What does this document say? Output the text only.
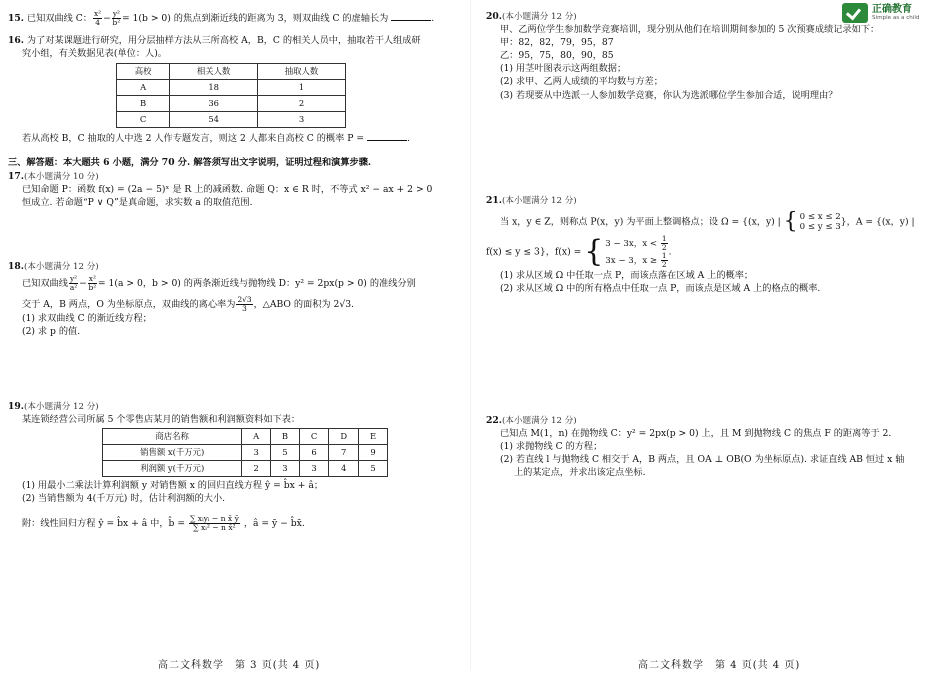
正确教育
Simple as a child
15. 已知双曲线 C： $\frac{\text{x²}}{4} - \frac{\text{y²}}{\text{b²}} = 1(b > 0)$ 的焦点到渐近线的距离为 3，则双曲线 C 的虚轴长为	.
16. 为了对某课题进行研究，用分层抽样方法从三所高校 A，B，C 的相关人员中，抽取若干人组成研
究小组，有关数据见表(单位：人)。
高校	相关人数	抽取人数
A	18	1
B	36	2
C	54	3
若从高校 B，C 抽取的人中选 2 人作专题发言，则这 2 人都来自高校 C 的概率 P =	.
三、解答题：本大题共 6 小题，满分 70 分. 解答须写出文字说明，证明过程和演算步骤.
17.(本小题满分 10 分)
已知命题 P：函数 f(x) = (2a − 5)ˣ 是 R 上的减函数. 命题 Q：x ∈ R 时，不等式 x² − ax + 2 > 0
恒成立. 若命题“P ∨ Q”是真命题，求实数 a 的取值范围.
18.(本小题满分 12 分)
已知双曲线 $\frac{\text{y²}}{\text{a²}} - \frac{\text{x²}}{\text{b²}} = 1(a > 0$，b > 0) 的两条渐近线与抛物线 D：y² = 2px(p > 0) 的准线分别
交于 A，B 两点，O 为坐标原点，双曲线的离心率为 $\frac{2√3}{3}$ ，△ABO 的面积为 2√3.
(1) 求双曲线 C 的渐近线方程；
(2) 求 p 的值.
19.(本小题满分 12 分)
某连锁经营公司所属 5 个零售店某月的销售额和利润额资料如下表：
商店名称	A	B	C	D	E
销售额 x(千万元)	3	5	6	7	9
利润额 y(千万元)	2	3	3	4	5
(1) 用最小二乘法计算利润额 y 对销售额 x 的回归直线方程 ŷ = b̂x + â；
(2) 当销售额为 4(千万元) 时，估计利润额的大小.
附：线性回归方程 ŷ = b̂x + â 中，b̂ = $\frac{\text{∑ xᵢyᵢ − n x̄ ȳ}}{\text{∑ xᵢ² − n x̄²}}$ ，â = ȳ − b̂x̄.
高二文科数学　第 3 页(共 4 页)
20.(本小题满分 12 分)
甲、乙两位学生参加数学竞赛培训，现分别从他们在培训期间参加的 5 次预赛成绩记录如下：
甲：82，82，79，95，87
乙：95，75，80，90，85
(1) 用茎叶图表示这两组数据；
(2) 求甲、乙两人成绩的平均数与方差；
(3) 若现要从中选派一人参加数学竞赛，你认为选派哪位学生参加合适，说明理由？
21.(本小题满分 12 分)
当 x，y ∈ Z，则称点 P(x，y) 为平面上整调格点；设 Ω = {(x，y) | { 0 ≤ x ≤ 2
0 ≤ y ≤ 3 }，A = {(x，y) |
f(x) ≤ y ≤ 3}，f(x) = { 3 − 3x，$x < \frac{1}{2}$
3x − 3，$x \ge \frac{1}{2}$ .
(1) 求从区域 Ω 中任取一点 P，而该点落在区域 A 上的概率；
(2) 求从区域 Ω 中的所有格点中任取一点 P，而该点是区域 A 上的格点的概率.
22.(本小题满分 12 分)
已知点 M(1，n) 在抛物线 C：y² = 2px(p > 0) 上，且 M 到抛物线 C 的焦点 F 的距离等于 2.
(1) 求抛物线 C 的方程；
(2) 若直线 l 与抛物线 C 相交于 A，B 两点，且 OA ⊥ OB(O 为坐标原点). 求证直线 AB 恒过 x 轴
上的某定点，并求出该定点坐标.
高二文科数学　第 4 页(共 4 页)
